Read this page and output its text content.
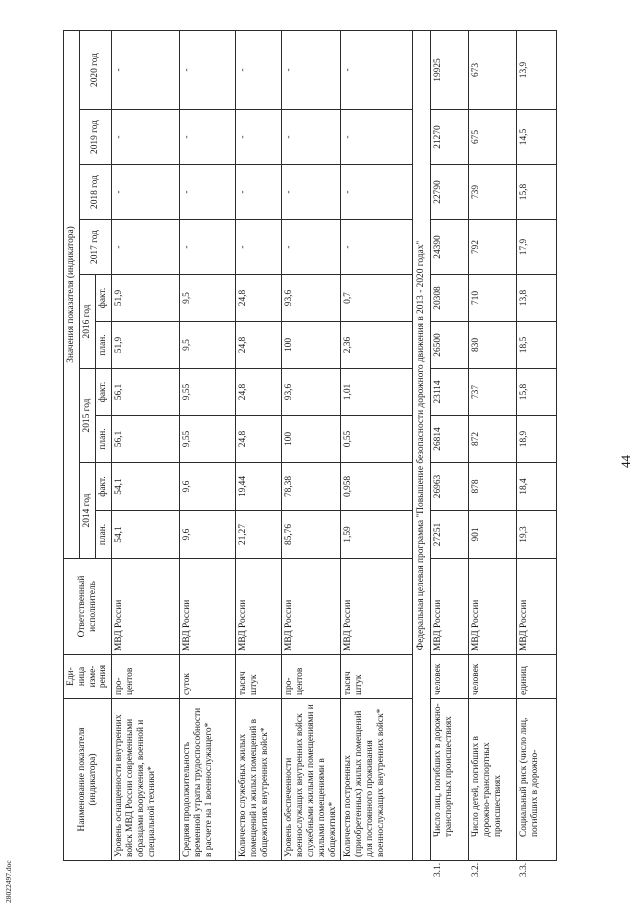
44
28022497.doc
Наименование показателя (индикатора)	Еди-ница изме-рения	Ответственный исполнитель	Значения показателя (индикатора)									
			2014 год		2015 год		2016 год		2017 год	2018 год	2019 год	2020 год
			план.	факт.	план.	факт.	план.	факт.				

Уровень оснащенности внутренних войск МВД России современными образцами вооружения, военной и специальной техники*	про-центов	МВД России	54,1	54,1	56,1	56,1	51,9	51,9	-	-	-	-

Средняя продолжительность временной утраты трудоспособности в расчете на 1 военнослужащего*	суток	МВД России	9,6	9,6	9,55	9,55	9,5	9,5	-	-	-	-

Количество служебных жилых помещений и жилых помещений в общежитиях внутренних войск*	тысяч штук	МВД России	21,27	19,44	24,8	24,8	24,8	24,8	-	-	-	-

Уровень обеспеченности военнослужащих внутренних войск служебными жилыми помещениями и жилыми помещениями в общежитиях*	про-центов	МВД России	85,76	78,38	100	93,6	100	93,6	-	-	-	-

Количество построенных (приобретенных) жилых помещений для постоянного проживания военнослужащих внутренних войск*	тысяч штук	МВД России	1,59	0,958	0,55	1,01	2,36	0,7	-	-	-	-
Федеральная целевая программа "Повышение безопасности дорожного движения в 2013 - 2020 годах"												

3.1.Число лиц, погибших в дорожно-транспортных происшествиях	человек	МВД России	27251	26963	26814	23114	26500	20308	24390	22790	21270	19925

3.2.Число детей, погибших в дорожно-транспортных происшествиях	человек	МВД России	901	878	872	737	830	710	792	739	675	673

3.3.Социальный риск (число лиц, погибших в дорожно-	единиц	МВД России	19,3	18,4	18,9	15,8	18,5	13,8	17,9	15,8	14,5	13,9
